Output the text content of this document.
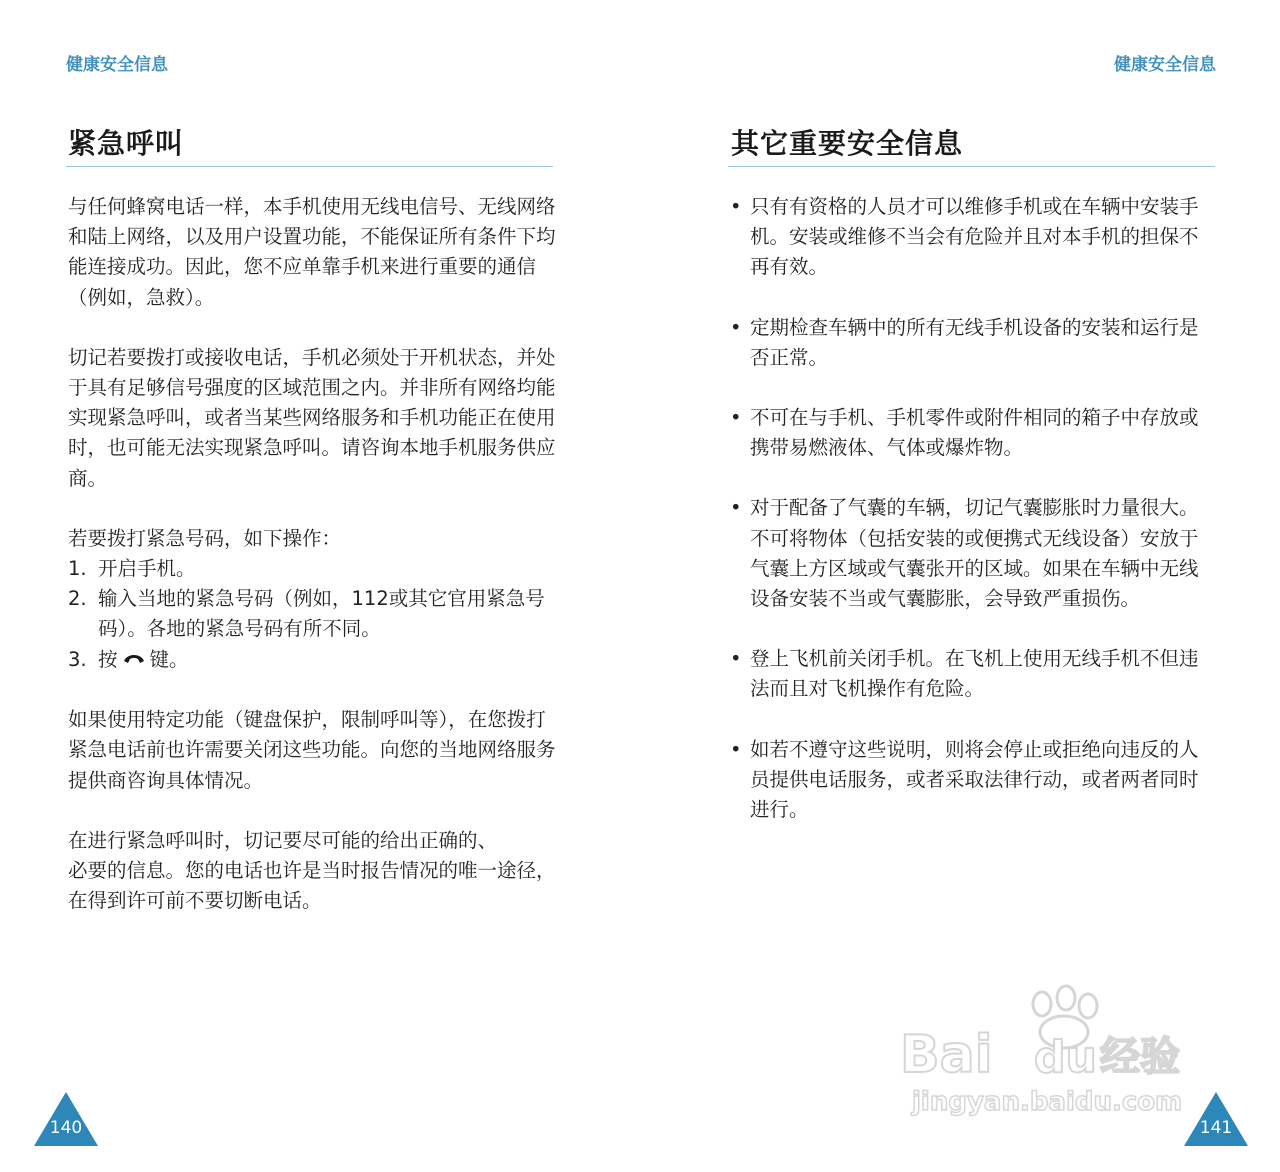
健康安全信息
紧急呼叫

与任何蜂窝电话一样，本手机使用无线电信号、无线网络和陆上网络，以及用户设置功能，不能保证所有条件下均能连接成功。因此，您不应单靠手机来进行重要的通信（例如，急救）。

切记若要拨打或接收电话，手机必须处于开机状态，并处于具有足够信号强度的区域范围之内。并非所有网络均能实现紧急呼叫，或者当某些网络服务和手机功能正在使用时，也可能无法实现紧急呼叫。请咨询本地手机服务供应商。

若要拨打紧急号码，如下操作：
1. 开启手机。
2. 输入当地的紧急号码（例如，112或其它官用紧急号码）。各地的紧急号码有所不同。
3. 按 键。

如果使用特定功能（键盘保护，限制呼叫等），在您拨打紧急电话前也许需要关闭这些功能。向您的当地网络服务提供商咨询具体情况。

在进行紧急呼叫时，切记要尽可能的给出正确的、
必要的信息。您的电话也许是当时报告情况的唯一途径，
在得到许可前不要切断电话。
140
健康安全信息
其它重要安全信息
• 只有有资格的人员才可以维修手机或在车辆中安装手机。安装或维修不当会有危险并且对本手机的担保不再有效。
• 定期检查车辆中的所有无线手机设备的安装和运行是否正常。
• 不可在与手机、手机零件或附件相同的箱子中存放或携带易燃液体、气体或爆炸物。
• 对于配备了气囊的车辆，切记气囊膨胀时力量很大。不可将物体（包括安装的或便携式无线设备）安放于气囊上方区域或气囊张开的区域。如果在车辆中无线设备安装不当或气囊膨胀，会导致严重损伤。
• 登上飞机前关闭手机。在飞机上使用无线手机不但违法而且对飞机操作有危险。
• 如若不遵守这些说明，则将会停止或拒绝向违反的人员提供电话服务，或者采取法律行动，或者两者同时进行。
141
Bai du 经验
jingyan.baidu.com
